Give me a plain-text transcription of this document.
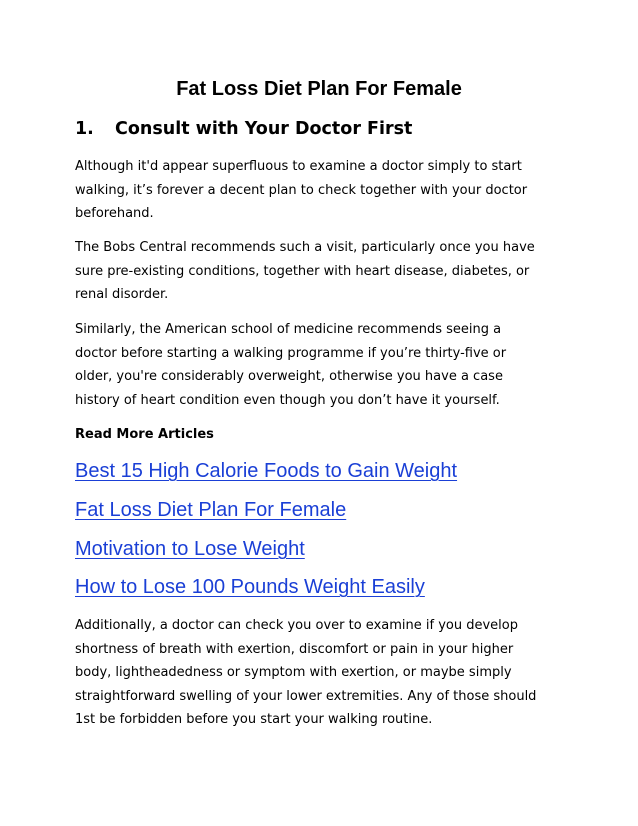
Fat Loss Diet Plan For Female
1. Consult with Your Doctor First

Although it'd appear superfluous to examine a doctor simply to start
walking, it’s forever a decent plan to check together with your doctor
beforehand.

The Bobs Central recommends such a visit, particularly once you have
sure pre-existing conditions, together with heart disease, diabetes, or
renal disorder.

Similarly, the American school of medicine recommends seeing a
doctor before starting a walking programme if you’re thirty-five or
older, you're considerably overweight, otherwise you have a case
history of heart condition even though you don’t have it yourself.

Read More Articles

Best 15 High Calorie Foods to Gain Weight
Fat Loss Diet Plan For Female
Motivation to Lose Weight
How to Lose 100 Pounds Weight Easily

Additionally, a doctor can check you over to examine if you develop
shortness of breath with exertion, discomfort or pain in your higher
body, lightheadedness or symptom with exertion, or maybe simply
straightforward swelling of your lower extremities. Any of those should
1st be forbidden before you start your walking routine.
